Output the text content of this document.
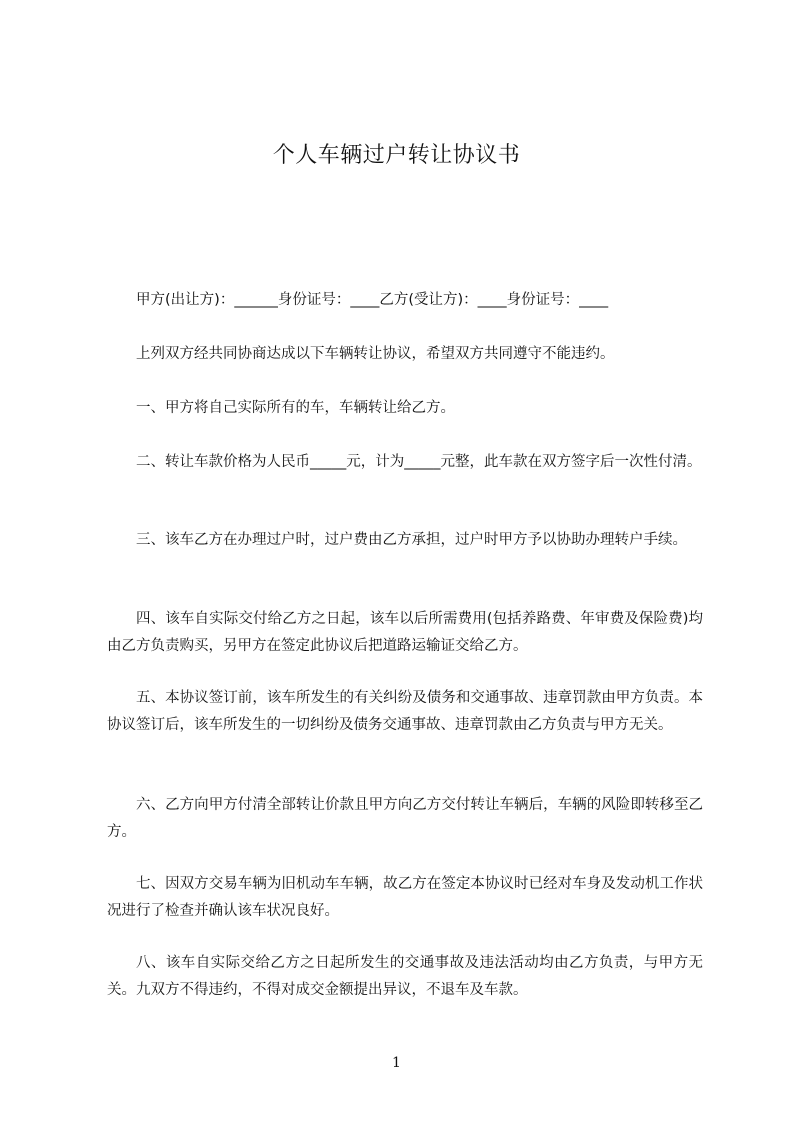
个人车辆过户转让协议书
甲方(出让方)：______身份证号：____乙方(受让方)：____身份证号：____
上列双方经共同协商达成以下车辆转让协议，希望双方共同遵守不能违约。
一、甲方将自己实际所有的车，车辆转让给乙方。
二、转让车款价格为人民币_____元，计为_____元整，此车款在双方签字后一次性付清。
三、该车乙方在办理过户时，过户费由乙方承担，过户时甲方予以协助办理转户手续。
四、该车自实际交付给乙方之日起，该车以后所需费用(包括养路费、年审费及保险费)均由乙方负责购买，另甲方在签定此协议后把道路运输证交给乙方。
五、本协议签订前，该车所发生的有关纠纷及债务和交通事故、违章罚款由甲方负责。本协议签订后，该车所发生的一切纠纷及债务交通事故、违章罚款由乙方负责与甲方无关。
六、乙方向甲方付清全部转让价款且甲方向乙方交付转让车辆后，车辆的风险即转移至乙方。
七、因双方交易车辆为旧机动车车辆，故乙方在签定本协议时已经对车身及发动机工作状况进行了检查并确认该车状况良好。
八、该车自实际交给乙方之日起所发生的交通事故及违法活动均由乙方负责，与甲方无关。九双方不得违约，不得对成交金额提出异议，不退车及车款。
1
